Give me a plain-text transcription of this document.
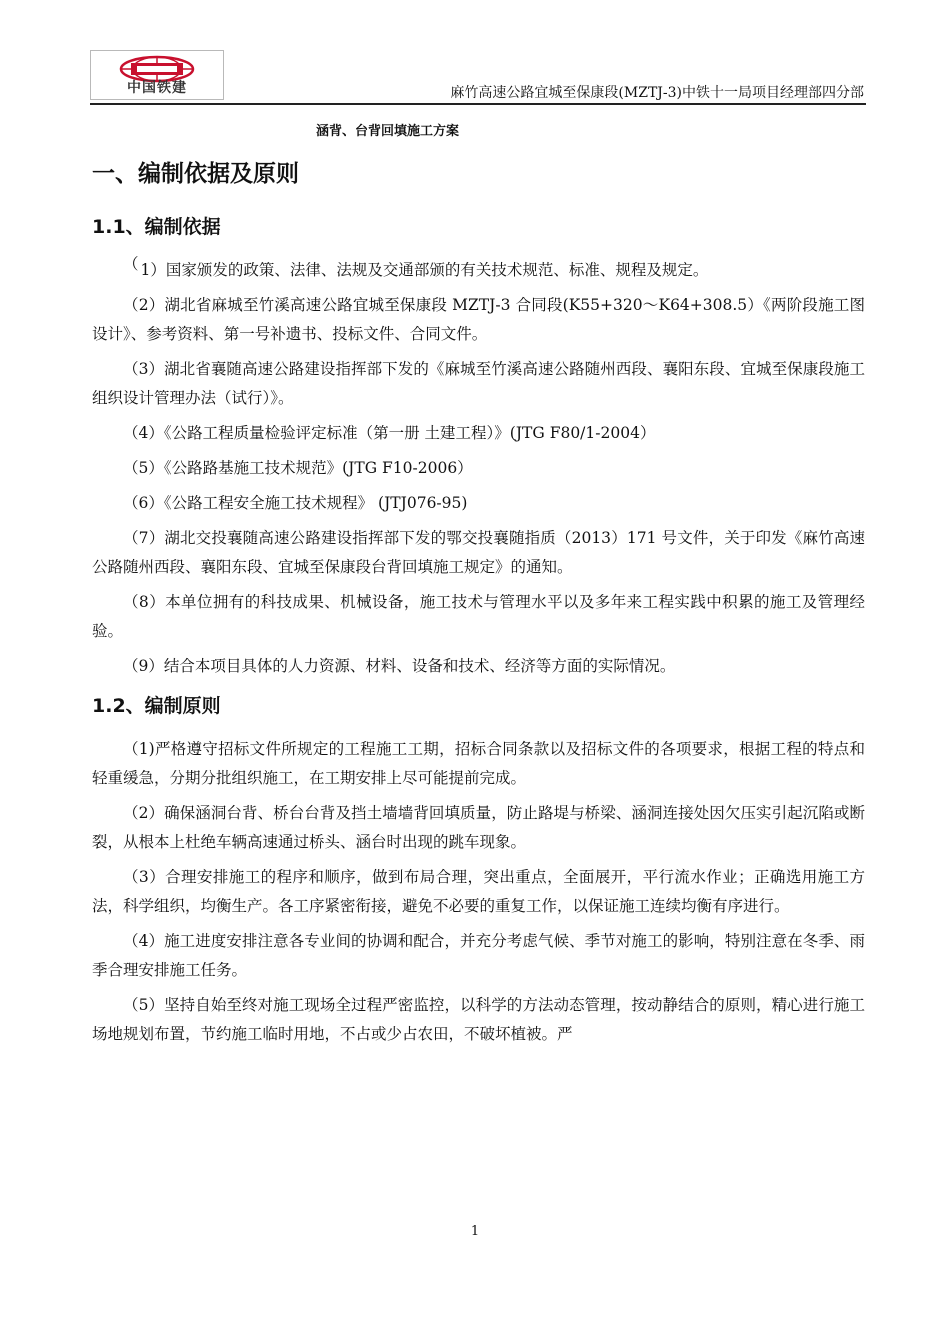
中国铁建	麻竹高速公路宜城至保康段(MZTJ-3)中铁十一局项目经理部四分部
涵背、台背回填施工方案
一、编制依据及原则
1.1、编制依据

（ 1）国家颁发的政策、法律、法规及交通部颁的有关技术规范、标准、规程及规定。

（2）湖北省麻城至竹溪高速公路宜城至保康段 MZTJ-3 合同段(K55+320～K64+308.5）《两阶段施工图设计》、参考资料、第一号补遗书、投标文件、合同文件。

（3）湖北省襄随高速公路建设指挥部下发的《麻城至竹溪高速公路随州西段、襄阳东段、宜城至保康段施工组织设计管理办法（试行）》。

（4）《公路工程质量检验评定标准（第一册 土建工程）》(JTG F80/1-2004）

（5）《公路路基施工技术规范》(JTG F10-2006）

（6）《公路工程安全施工技术规程》 (JTJ076-95)

（7）湖北交投襄随高速公路建设指挥部下发的鄂交投襄随指质（2013）171 号文件，关于印发《麻竹高速公路随州西段、襄阳东段、宜城至保康段台背回填施工规定》的通知。

（8）本单位拥有的科技成果、机械设备，施工技术与管理水平以及多年来工程实践中积累的施工及管理经验。

（9）结合本项目具体的人力资源、材料、设备和技术、经济等方面的实际情况。

1.2、编制原则

（1)严格遵守招标文件所规定的工程施工工期，招标合同条款以及招标文件的各项要求，根据工程的特点和轻重缓急，分期分批组织施工，在工期安排上尽可能提前完成。

（2）确保涵洞台背、桥台台背及挡土墙墙背回填质量，防止路堤与桥梁、涵洞连接处因欠压实引起沉陷或断裂，从根本上杜绝车辆高速通过桥头、涵台时出现的跳车现象。

（3）合理安排施工的程序和顺序，做到布局合理，突出重点，全面展开，平行流水作业；正确选用施工方法，科学组织，均衡生产。各工序紧密衔接，避免不必要的重复工作，以保证施工连续均衡有序进行。

（4）施工进度安排注意各专业间的协调和配合，并充分考虑气候、季节对施工的影响，特别注意在冬季、雨季合理安排施工任务。

（5）坚持自始至终对施工现场全过程严密监控，以科学的方法动态管理，按动静结合的原则，精心进行施工场地规划布置，节约施工临时用地，不占或少占农田，不破坏植被。严

1
